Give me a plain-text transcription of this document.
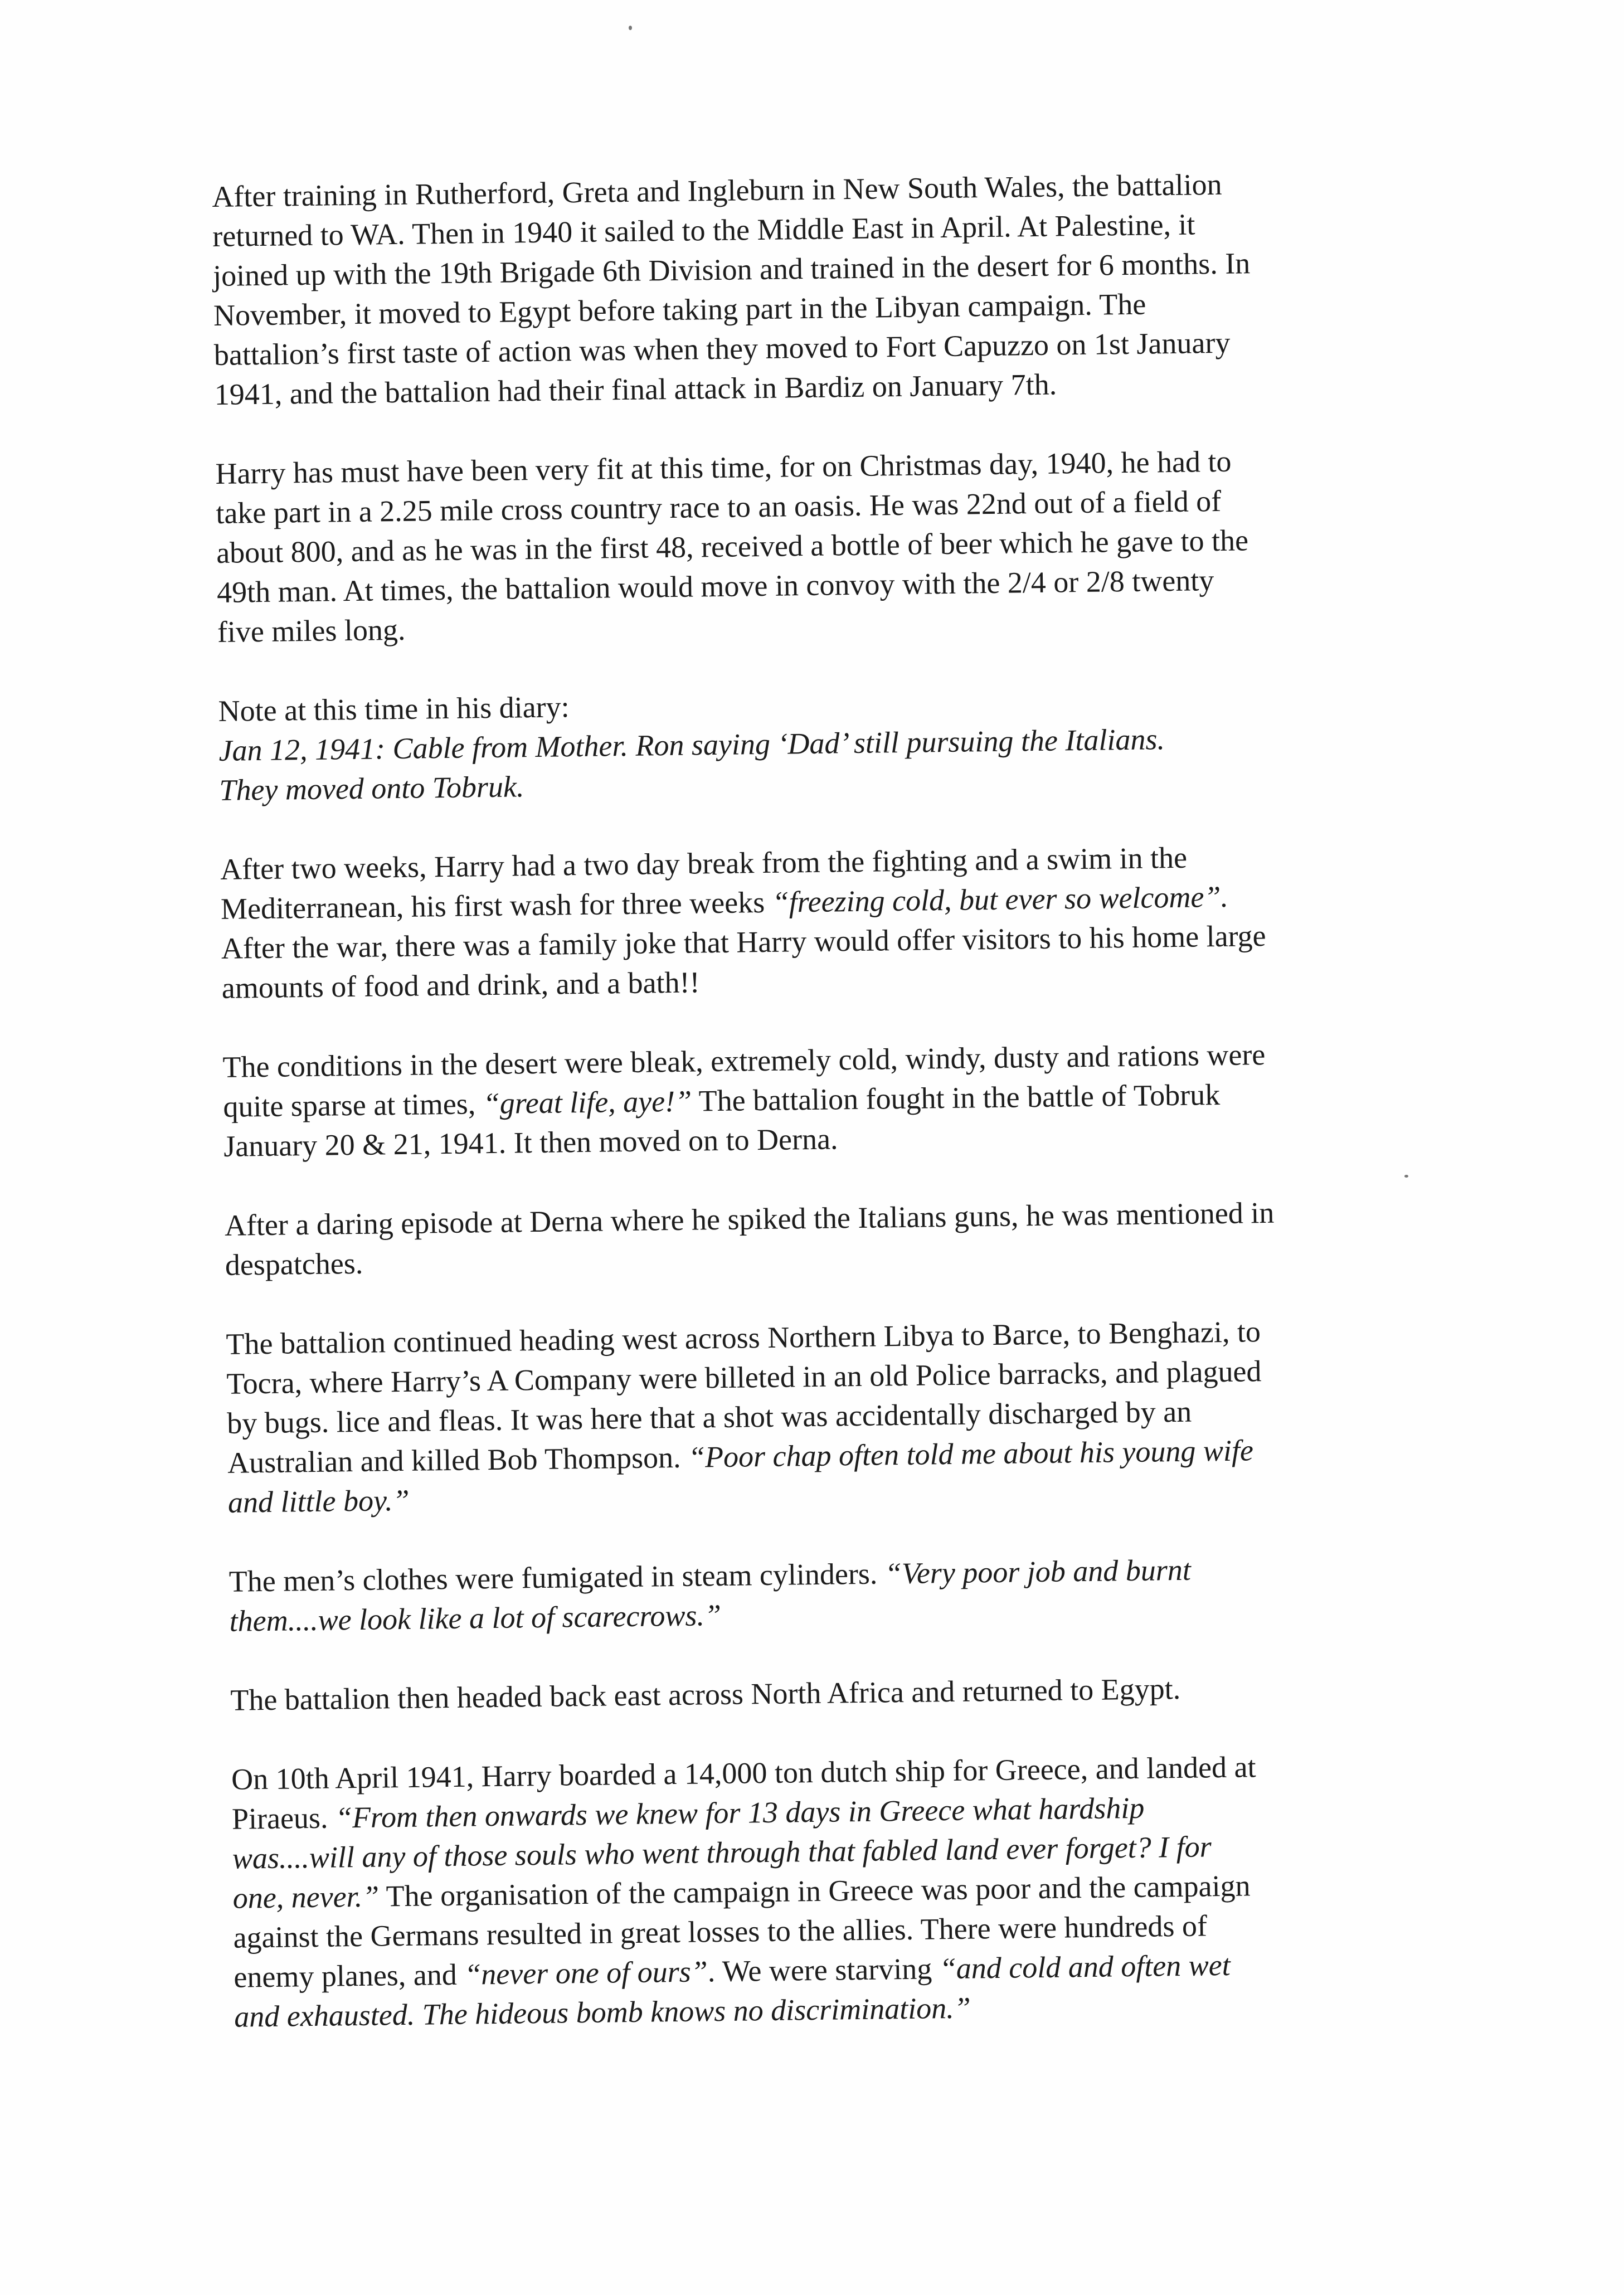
After training in Rutherford, Greta and Ingleburn in New South Wales, the battalion
returned to WA. Then in 1940 it sailed to the Middle East in April. At Palestine, it
joined up with the 19th Brigade 6th Division and trained in the desert for 6 months. In
November, it moved to Egypt before taking part in the Libyan campaign. The
battalion’s first taste of action was when they moved to Fort Capuzzo on 1st January
1941, and the battalion had their final attack in Bardiz on January 7th.

Harry has must have been very fit at this time, for on Christmas day, 1940, he had to
take part in a 2.25 mile cross country race to an oasis. He was 22nd out of a field of
about 800, and as he was in the first 48, received a bottle of beer which he gave to the
49th man. At times, the battalion would move in convoy with the 2/4 or 2/8 twenty
five miles long.

Note at this time in his diary:
Jan 12, 1941: Cable from Mother. Ron saying ‘Dad’ still pursuing the Italians.
They moved onto Tobruk.

After two weeks, Harry had a two day break from the fighting and a swim in the
Mediterranean, his first wash for three weeks “freezing cold, but ever so welcome”.
After the war, there was a family joke that Harry would offer visitors to his home large
amounts of food and drink, and a bath!!

The conditions in the desert were bleak, extremely cold, windy, dusty and rations were
quite sparse at times, “great life, aye!” The battalion fought in the battle of Tobruk
January 20 & 21, 1941. It then moved on to Derna.

After a daring episode at Derna where he spiked the Italians guns, he was mentioned in
despatches.

The battalion continued heading west across Northern Libya to Barce, to Benghazi, to
Tocra, where Harry’s A Company were billeted in an old Police barracks, and plagued
by bugs. lice and fleas. It was here that a shot was accidentally discharged by an
Australian and killed Bob Thompson. “Poor chap often told me about his young wife
and little boy.”

The men’s clothes were fumigated in steam cylinders. “Very poor job and burnt
them....we look like a lot of scarecrows.”

The battalion then headed back east across North Africa and returned to Egypt.

On 10th April 1941, Harry boarded a 14,000 ton dutch ship for Greece, and landed at
Piraeus. “From then onwards we knew for 13 days in Greece what hardship
was....will any of those souls who went through that fabled land ever forget? I for
one, never.” The organisation of the campaign in Greece was poor and the campaign
against the Germans resulted in great losses to the allies. There were hundreds of
enemy planes, and “never one of ours”. We were starving “and cold and often wet
and exhausted. The hideous bomb knows no discrimination.”
